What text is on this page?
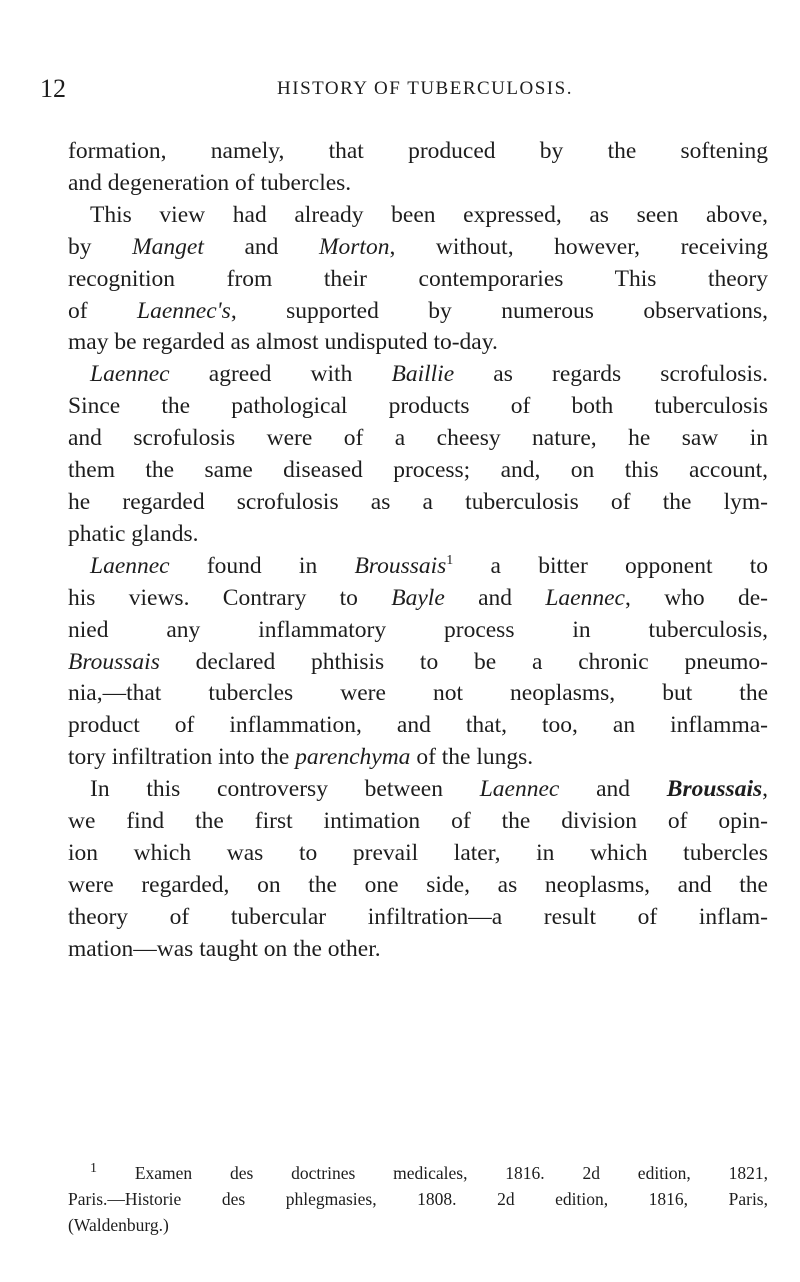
12	HISTORY OF TUBERCULOSIS.
formation, namely, that produced by the softening
and degeneration of tubercles.
This view had already been expressed, as seen above,
by Manget and Morton, without, however, receiving
recognition from their contemporaries This theory
of Laennec's, supported by numerous observations,
may be regarded as almost undisputed to-day.
Laennec agreed with Baillie as regards scrofulosis.
Since the pathological products of both tuberculosis
and scrofulosis were of a cheesy nature, he saw in
them the same diseased process; and, on this account,
he regarded scrofulosis as a tuberculosis of the lym-
phatic glands.
Laennec found in Broussais$^1$ a bitter opponent to
his views. Contrary to Bayle and Laennec, who de-
nied any inflammatory process in tuberculosis,
Broussais declared phthisis to be a chronic pneumo-
nia,—that tubercles were not neoplasms, but the
product of inflammation, and that, too, an inflamma-
tory infiltration into the parenchyma of the lungs.
In this controversy between Laennec and Broussais,
we find the first intimation of the division of opin-
ion which was to prevail later, in which tubercles
were regarded, on the one side, as neoplasms, and the
theory of tubercular infiltration—a result of inflam-
mation—was taught on the other.
$^1$ Examen des doctrines medicales, 1816. 2d edition, 1821,
Paris.—Historie des phlegmasies, 1808. 2d edition, 1816, Paris,
(Waldenburg.)
